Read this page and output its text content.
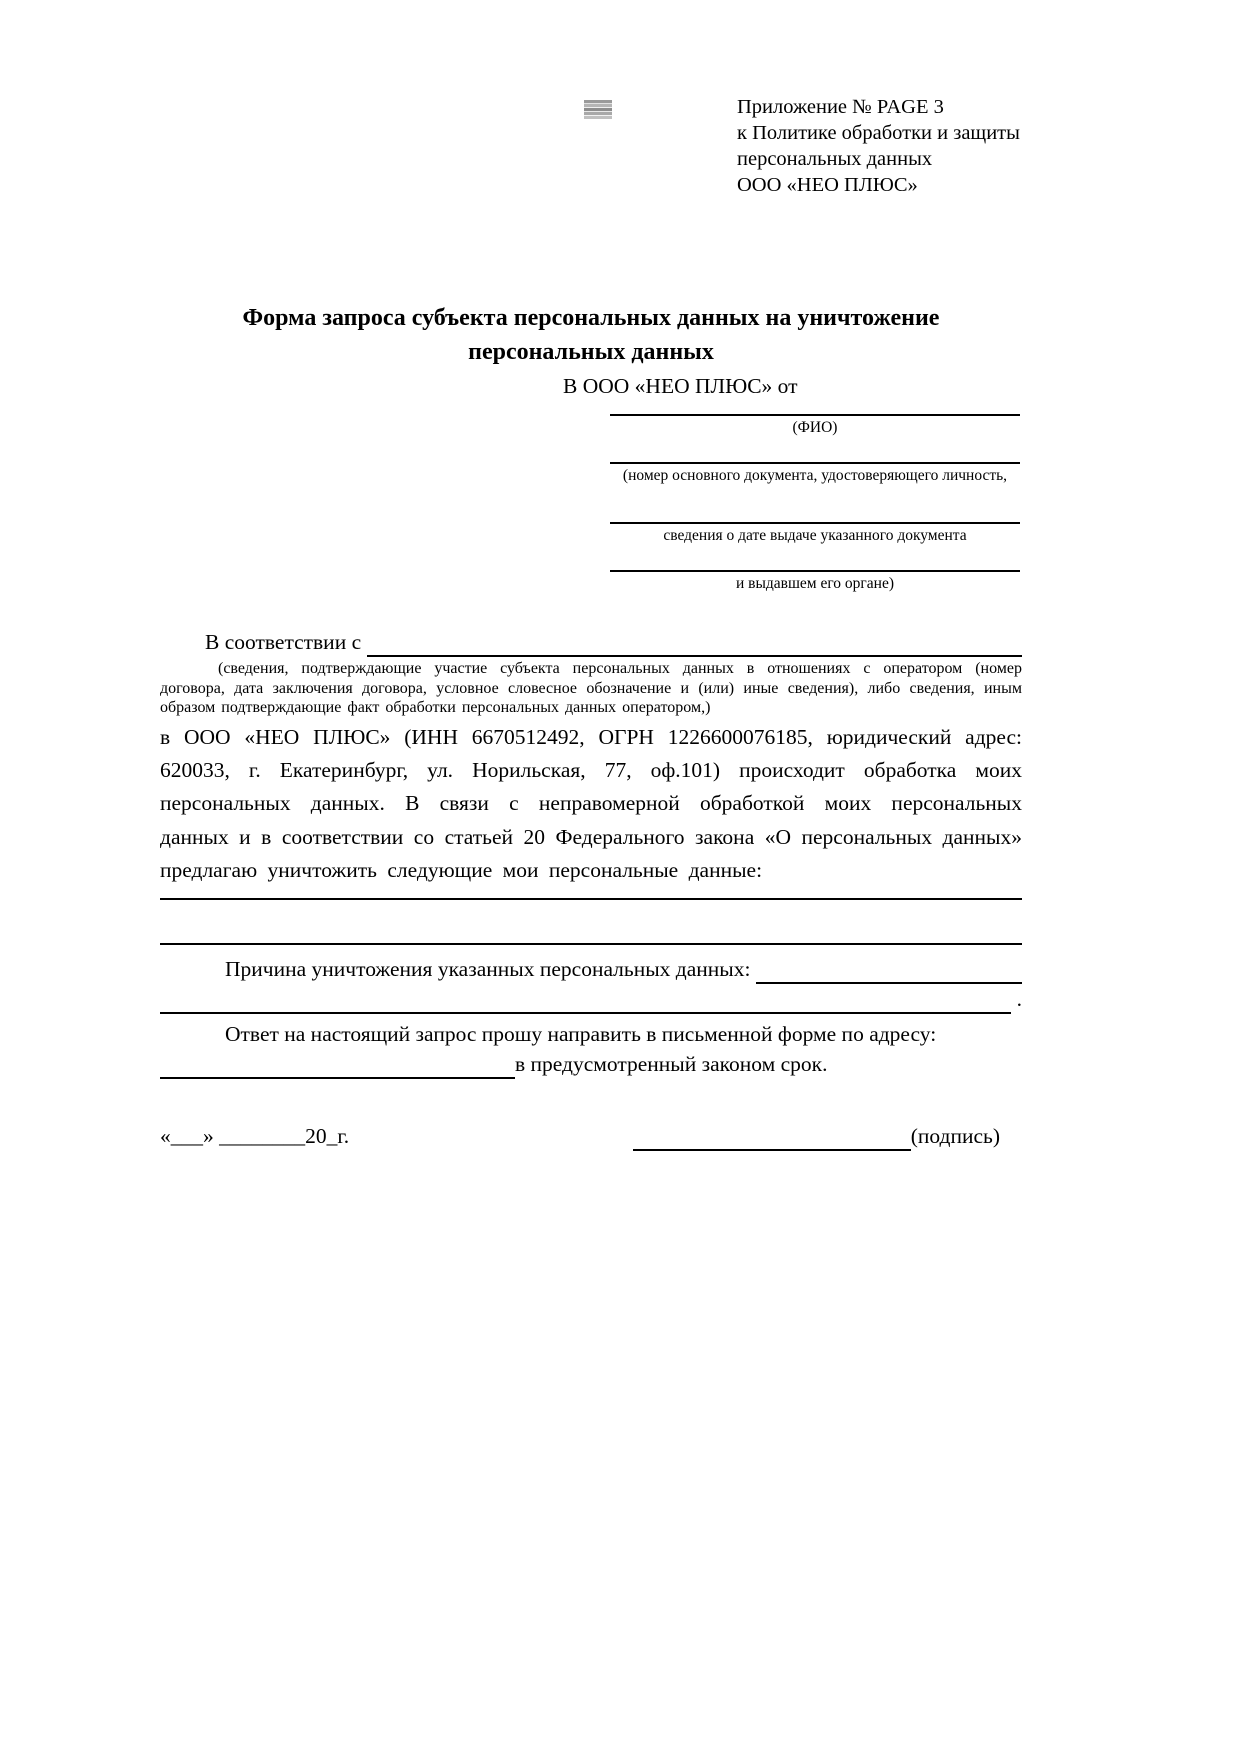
Приложение № PAGE 3
к Политике обработки и защиты
персональных данных
ООО «НЕО ПЛЮС»
Форма запроса субъекта персональных данных на уничтожение
персональных данных
В ООО «НЕО ПЛЮС» от
(ФИО)
(номер основного документа, удостоверяющего личность,
сведения о дате выдаче указанного документа
и выдавшем его органе)
В соответствии с
(сведения, подтверждающие участие субъекта персональных данных в отношениях с оператором (номер договора, дата заключения договора, условное словесное обозначение и (или) иные сведения), либо сведения, иным образом подтверждающие факт обработки персональных данных оператором,)
в ООО «НЕО ПЛЮС» (ИНН 6670512492, ОГРН 1226600076185, юридический адрес: 620033, г. Екатеринбург, ул. Норильская, 77, оф.101) происходит обработка моих персональных данных. В связи с неправомерной обработкой моих персональных данных и в соответствии со статьей 20 Федерального закона «О персональных данных» предлагаю уничтожить следующие мои персональные данные:
Причина уничтожения указанных персональных данных:
.
Ответ на настоящий запрос прошу направить в письменной форме по адресу:
в предусмотренный законом срок.
«___» ________20_г.	(подпись)
